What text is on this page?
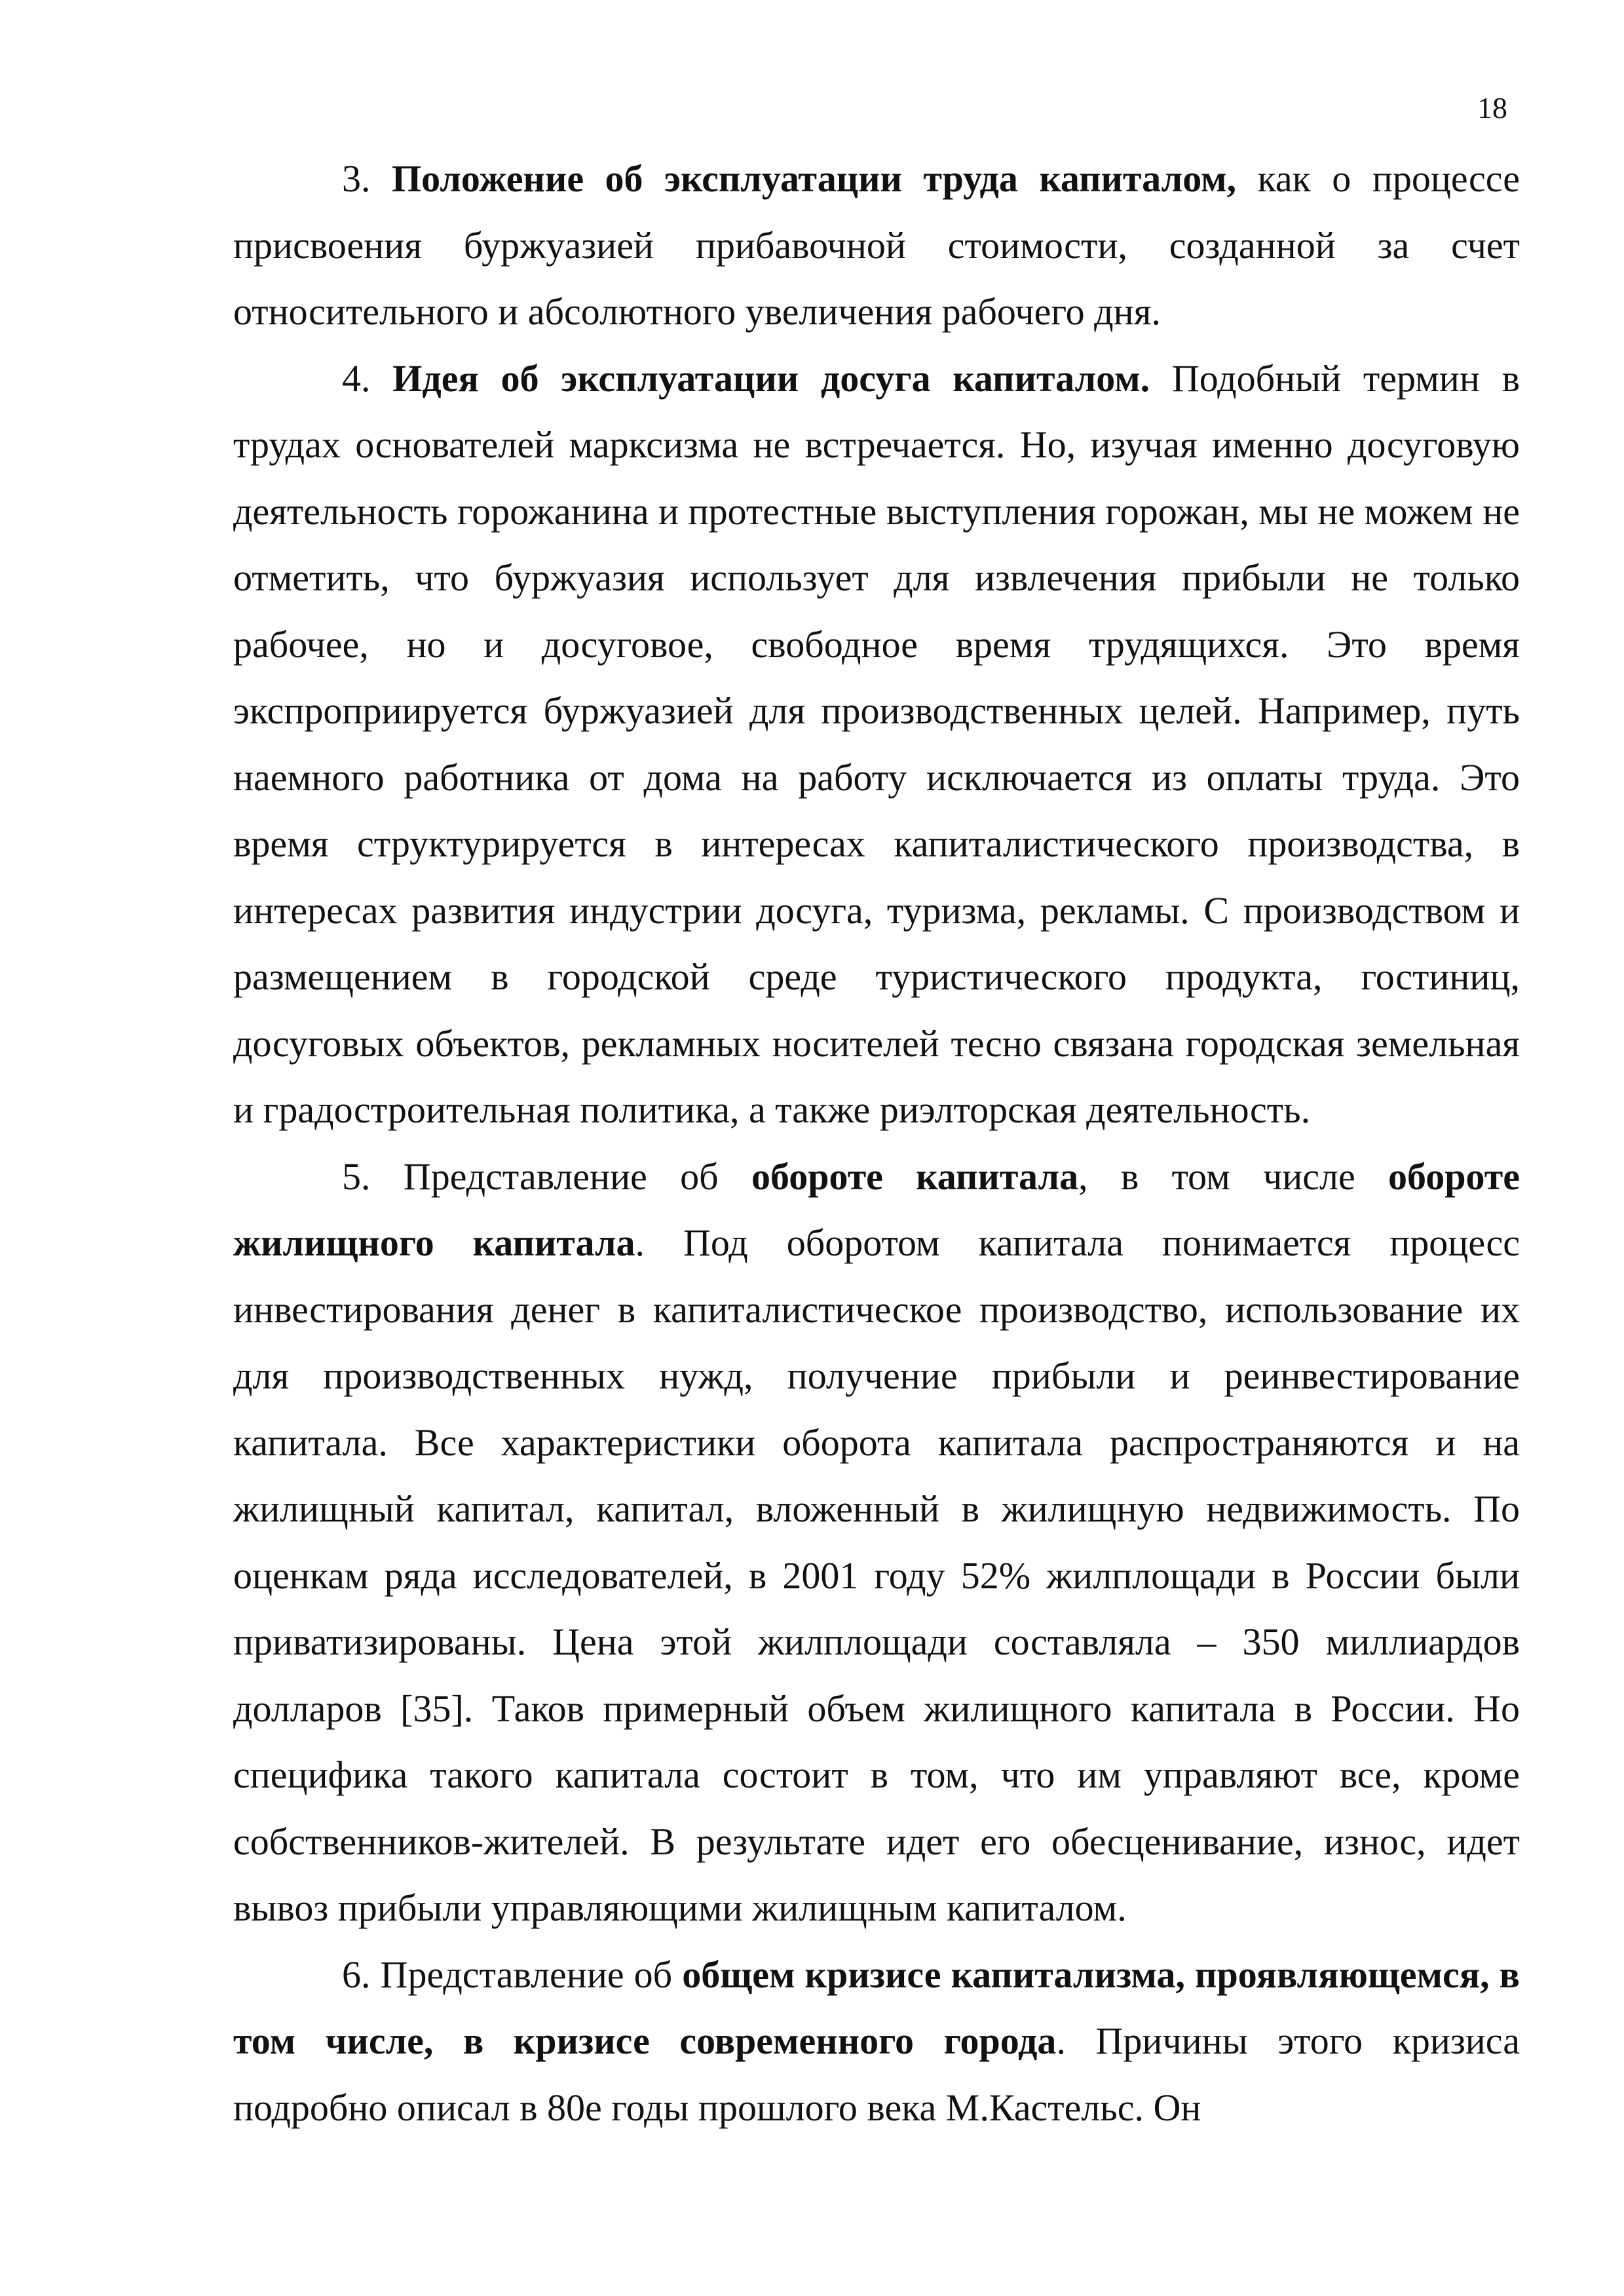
18

3. Положение об эксплуатации труда капиталом, как о процессе присвоения буржуазией прибавочной стоимости, созданной за счет относительного и абсолютного увеличения рабочего дня.

4. Идея об эксплуатации досуга капиталом. Подобный термин в трудах основателей марксизма не встречается. Но, изучая именно досуговую деятельность горожанина и протестные выступления горожан, мы не можем не отметить, что буржуазия использует для извлечения прибыли не только рабочее, но и досуговое, свободное время трудящихся. Это время экспроприируется буржуазией для производственных целей. Например, путь наемного работника от дома на работу исключается из оплаты труда. Это время структурируется в интересах капиталистического производства, в интересах развития индустрии досуга, туризма, рекламы. С производством и размещением в городской среде туристического продукта, гостиниц, досуговых объектов, рекламных носителей тесно связана городская земельная и градостроительная политика, а также риэлторская деятельность.

5. Представление об обороте капитала, в том числе обороте жилищного капитала. Под оборотом капитала понимается процесс инвестирования денег в капиталистическое производство, использование их для производственных нужд, получение прибыли и реинвестирование капитала. Все характеристики оборота капитала распространяются и на жилищный капитал, капитал, вложенный в жилищную недвижимость. По оценкам ряда исследователей, в 2001 году 52% жилплощади в России были приватизированы. Цена этой жилплощади составляла – 350 миллиардов долларов [35]. Таков примерный объем жилищного капитала в России. Но специфика такого капитала состоит в том, что им управляют все, кроме собственников-жителей. В результате идет его обесценивание, износ, идет вывоз прибыли управляющими жилищным капиталом.

6. Представление об общем кризисе капитализма, проявляющемся, в том числе, в кризисе современного города. Причины этого кризиса подробно описал в 80е годы прошлого века М.Кастельс. Он
